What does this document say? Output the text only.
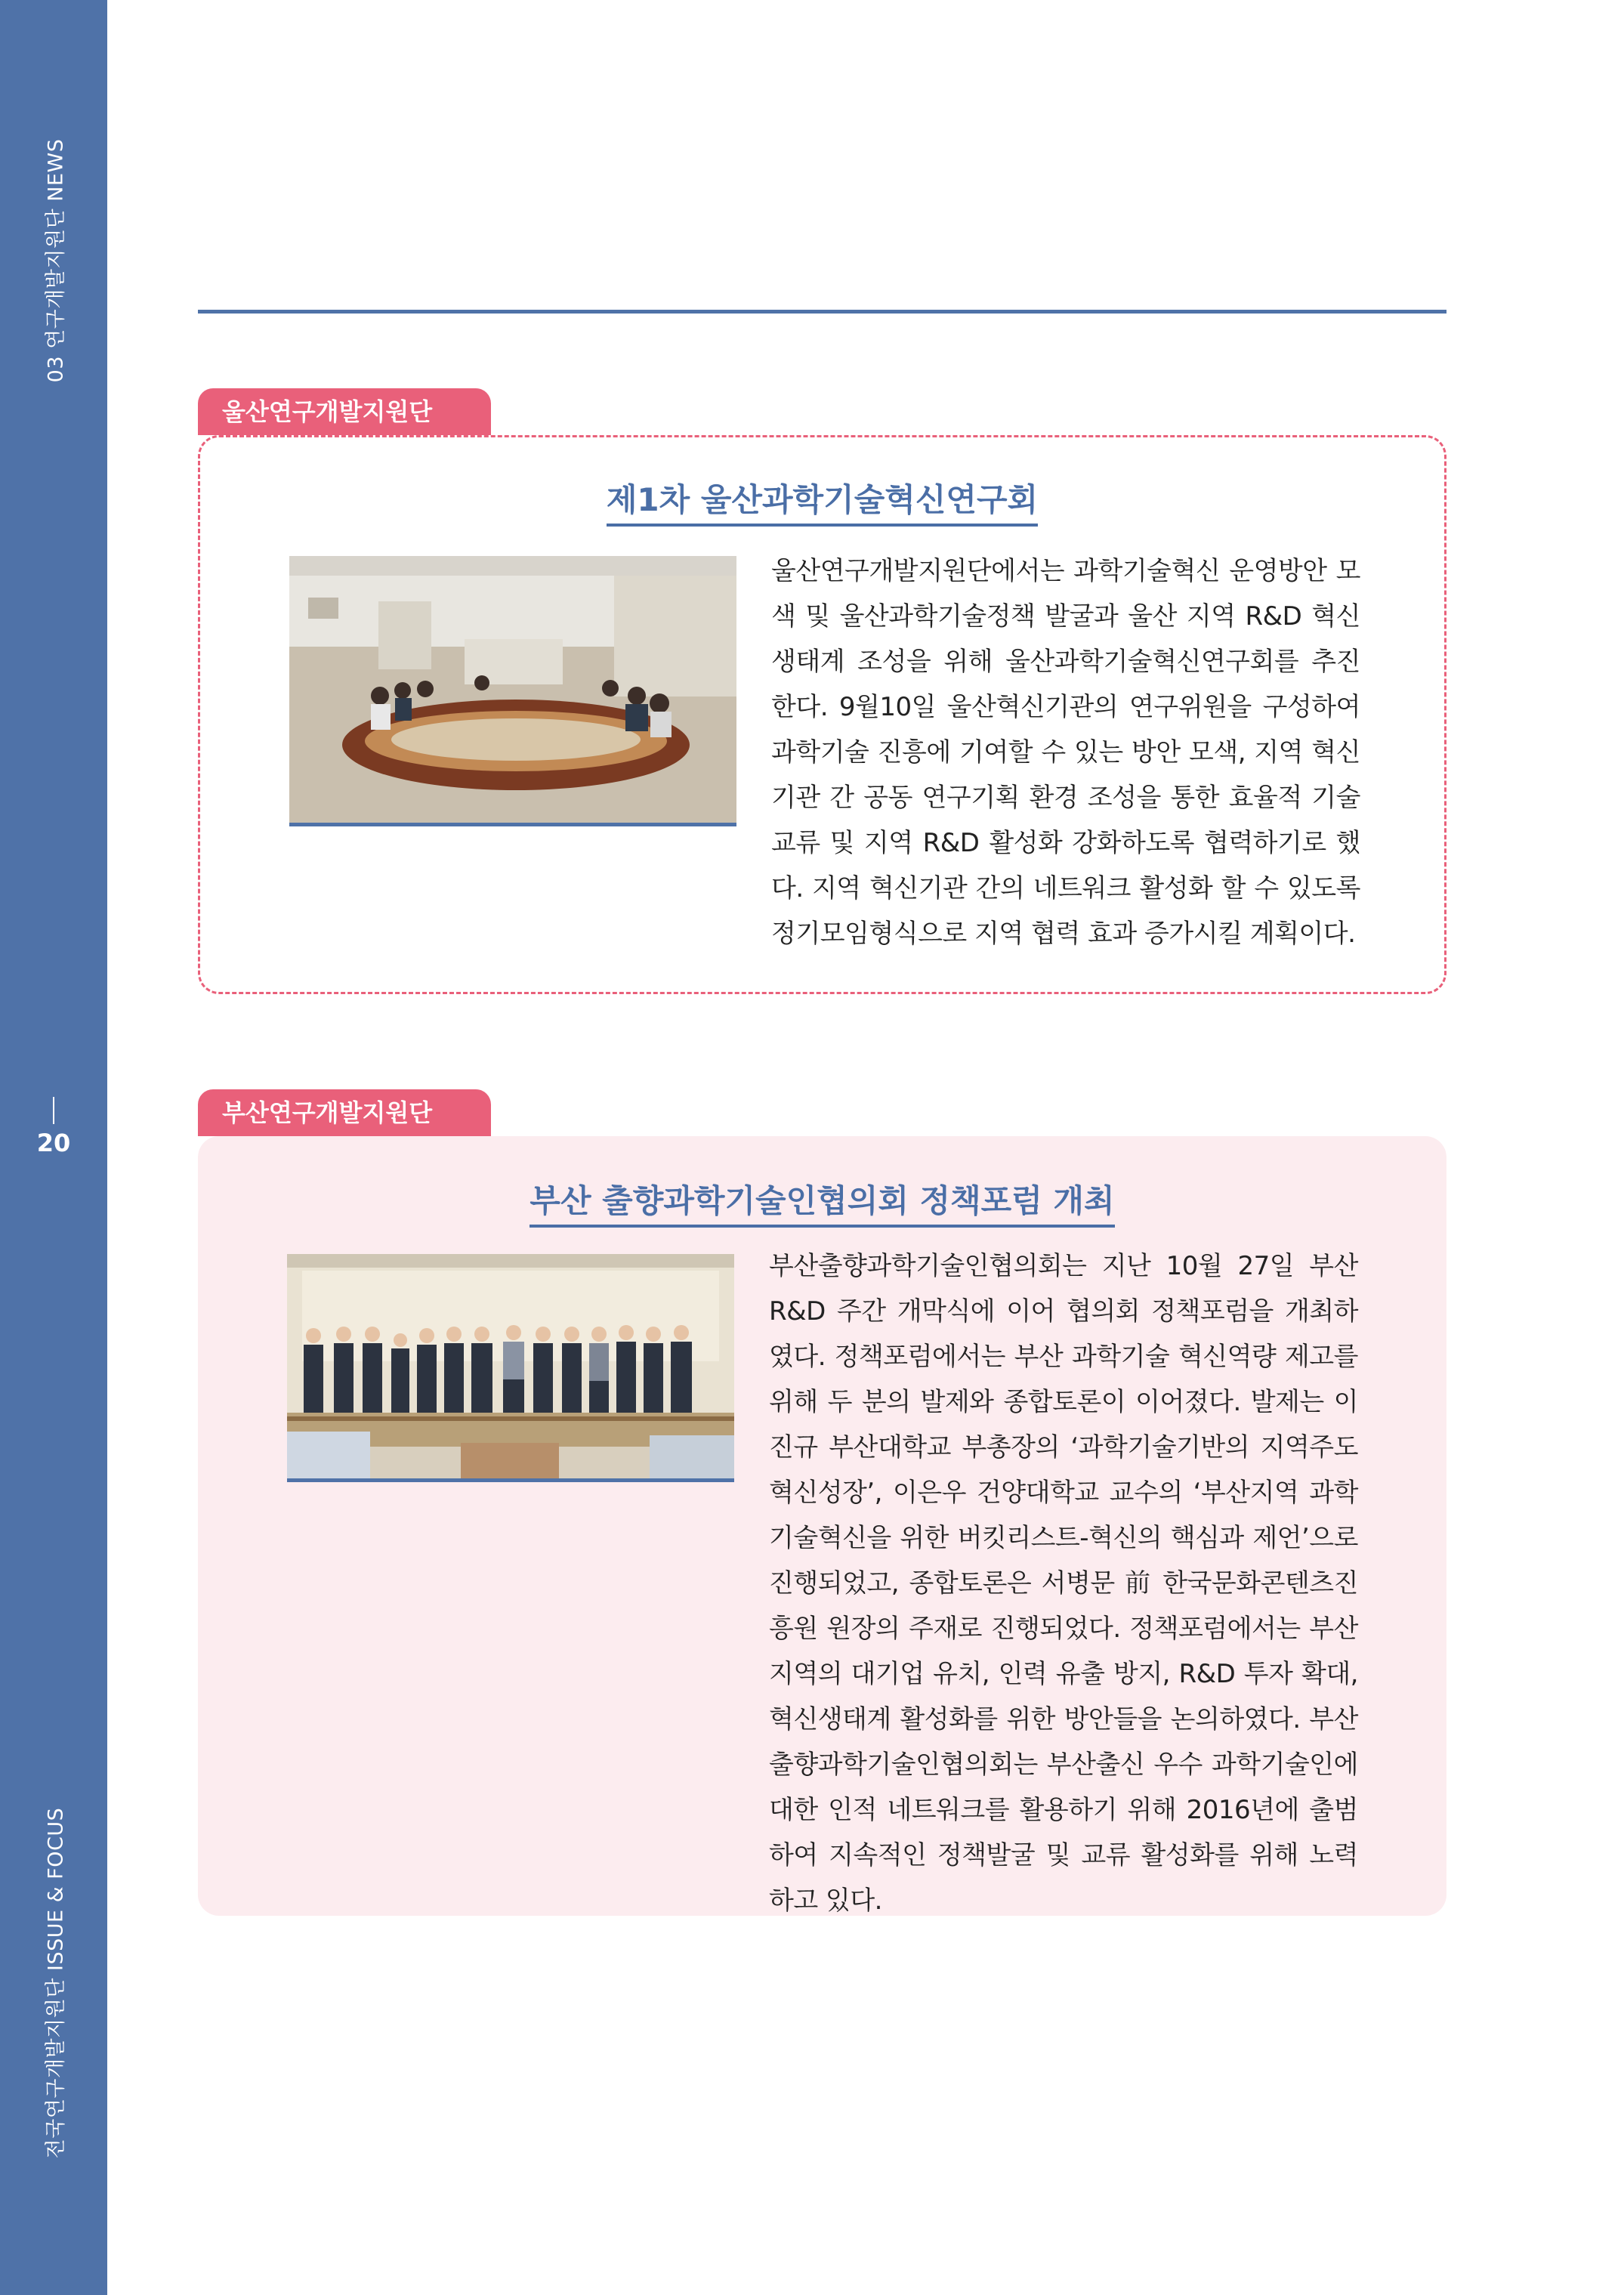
03 연구개발지원단 NEWS
20
전국연구개발지원단 ISSUE & FOCUS
울산연구개발지원단
제1차 울산과학기술혁신연구회
울산연구개발지원단에서는 과학기술혁신 운영방안 모색 및 울산과학기술정책 발굴과 울산 지역 R&D 혁신 생태계 조성을 위해 울산과학기술혁신연구회를 추진한다. 9월10일 울산혁신기관의 연구위원을 구성하여 과학기술 진흥에 기여할 수 있는 방안 모색, 지역 혁신기관 간 공동 연구기획 환경 조성을 통한 효율적 기술교류 및 지역 R&D 활성화 강화하도록 협력하기로 했다. 지역 혁신기관 간의 네트워크 활성화 할 수 있도록 정기모임형식으로 지역 협력 효과 증가시킬 계획이다.
부산연구개발지원단
부산 출향과학기술인협의회 정책포럼 개최
부산출향과학기술인협의회는 지난 10월 27일 부산 R&D 주간 개막식에 이어 협의회 정책포럼을 개최하였다. 정책포럼에서는 부산 과학기술 혁신역량 제고를 위해 두 분의 발제와 종합토론이 이어졌다. 발제는 이진규 부산대학교 부총장의 ‘과학기술기반의 지역주도 혁신성장’, 이은우 건양대학교 교수의 ‘부산지역 과학기술혁신을 위한 버킷리스트-혁신의 핵심과 제언’으로 진행되었고, 종합토론은 서병문 前 한국문화콘텐츠진흥원 원장의 주재로 진행되었다. 정책포럼에서는 부산지역의 대기업 유치, 인력 유출 방지, R&D 투자 확대, 혁신생태계 활성화를 위한 방안들을 논의하였다. 부산 출향과학기술인협의회는 부산출신 우수 과학기술인에 대한 인적 네트워크를 활용하기 위해 2016년에 출범하여 지속적인 정책발굴 및 교류 활성화를 위해 노력하고 있다.
